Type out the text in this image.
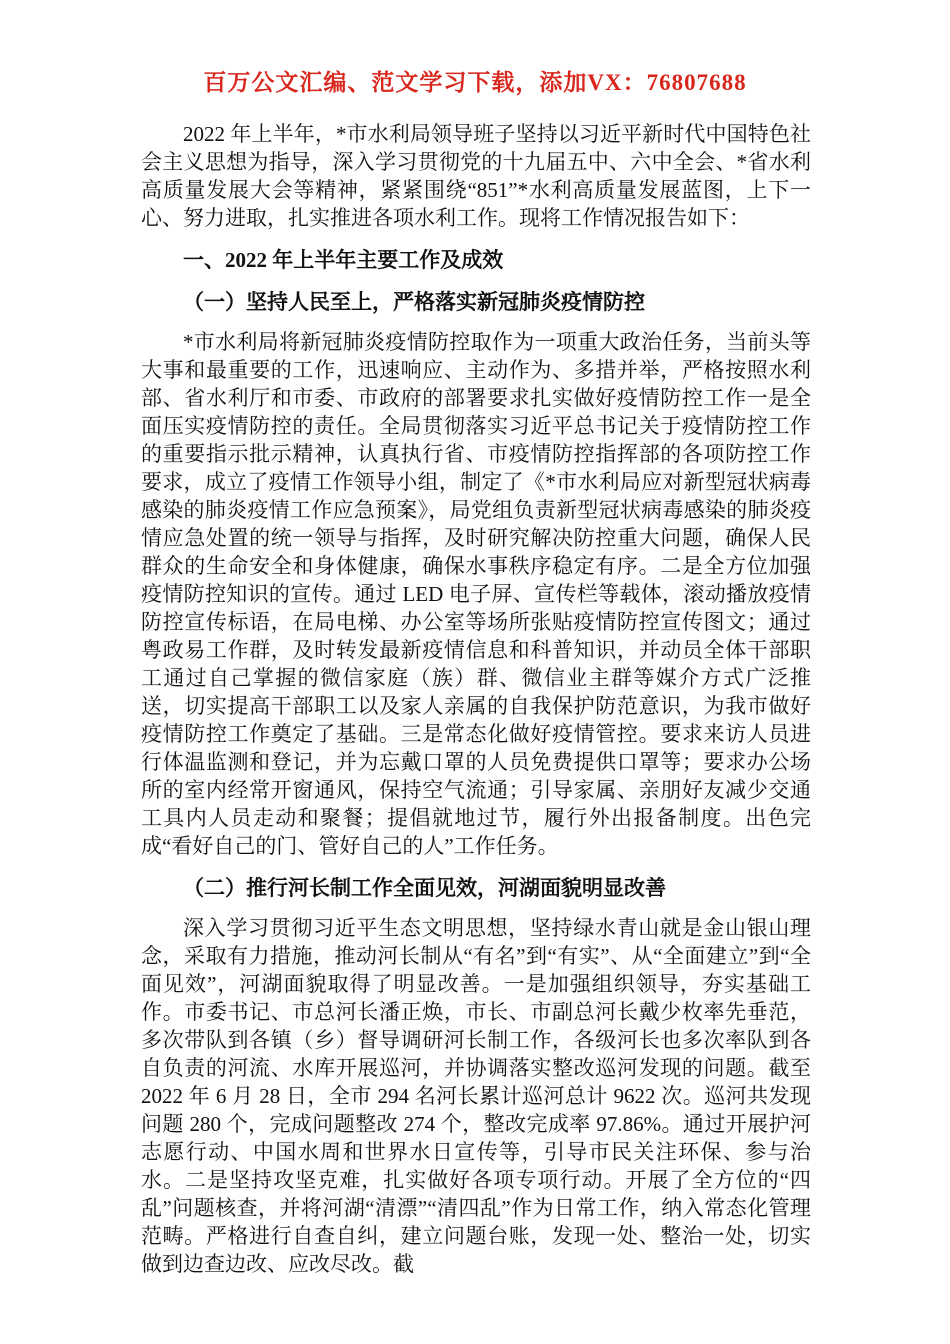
百万公文汇编、范文学习下载，添加VX：76807688

2022 年上半年，*市水利局领导班子坚持以习近平新时代中国特色社会主义思想为指导，深入学习贯彻党的十九届五中、六中全会、*省水利高质量发展大会等精神，紧紧围绕“851”*水利高质量发展蓝图，上下一心、努力进取，扎实推进各项水利工作。现将工作情况报告如下：

一、2022 年上半年主要工作及成效

（一）坚持人民至上，严格落实新冠肺炎疫情防控

*市水利局将新冠肺炎疫情防控取作为一项重大政治任务，当前头等大事和最重要的工作，迅速响应、主动作为、多措并举，严格按照水利部、省水利厅和市委、市政府的部署要求扎实做好疫情防控工作一是全面压实疫情防控的责任。全局贯彻落实习近平总书记关于疫情防控工作的重要指示批示精神，认真执行省、市疫情防控指挥部的各项防控工作要求，成立了疫情工作领导小组，制定了《*市水利局应对新型冠状病毒感染的肺炎疫情工作应急预案》，局党组负责新型冠状病毒感染的肺炎疫情应急处置的统一领导与指挥，及时研究解决防控重大问题，确保人民群众的生命安全和身体健康，确保水事秩序稳定有序。二是全方位加强疫情防控知识的宣传。通过 LED 电子屏、宣传栏等载体，滚动播放疫情防控宣传标语，在局电梯、办公室等场所张贴疫情防控宣传图文；通过粤政易工作群，及时转发最新疫情信息和科普知识，并动员全体干部职工通过自己掌握的微信家庭（族）群、微信业主群等媒介方式广泛推送，切实提高干部职工以及家人亲属的自我保护防范意识，为我市做好疫情防控工作奠定了基础。三是常态化做好疫情管控。要求来访人员进行体温监测和登记，并为忘戴口罩的人员免费提供口罩等；要求办公场所的室内经常开窗通风，保持空气流通；引导家属、亲朋好友减少交通工具内人员走动和聚餐；提倡就地过节，履行外出报备制度。出色完成“看好自己的门、管好自己的人”工作任务。

（二）推行河长制工作全面见效，河湖面貌明显改善

深入学习贯彻习近平生态文明思想，坚持绿水青山就是金山银山理念，采取有力措施，推动河长制从“有名”到“有实”、从“全面建立”到“全面见效”，河湖面貌取得了明显改善。一是加强组织领导，夯实基础工作。市委书记、市总河长潘正焕，市长、市副总河长戴少枚率先垂范，多次带队到各镇（乡）督导调研河长制工作，各级河长也多次率队到各自负责的河流、水库开展巡河，并协调落实整改巡河发现的问题。截至 2022 年 6 月 28 日，全市 294 名河长累计巡河总计 9622 次。巡河共发现问题 280 个，完成问题整改 274 个，整改完成率 97.86%。通过开展护河志愿行动、中国水周和世界水日宣传等，引导市民关注环保、参与治水。二是坚持攻坚克难，扎实做好各项专项行动。开展了全方位的“四乱”问题核查，并将河湖“清漂”“清四乱”作为日常工作，纳入常态化管理范畴。严格进行自查自纠，建立问题台账，发现一处、整治一处，切实做到边查边改、应改尽改。截
